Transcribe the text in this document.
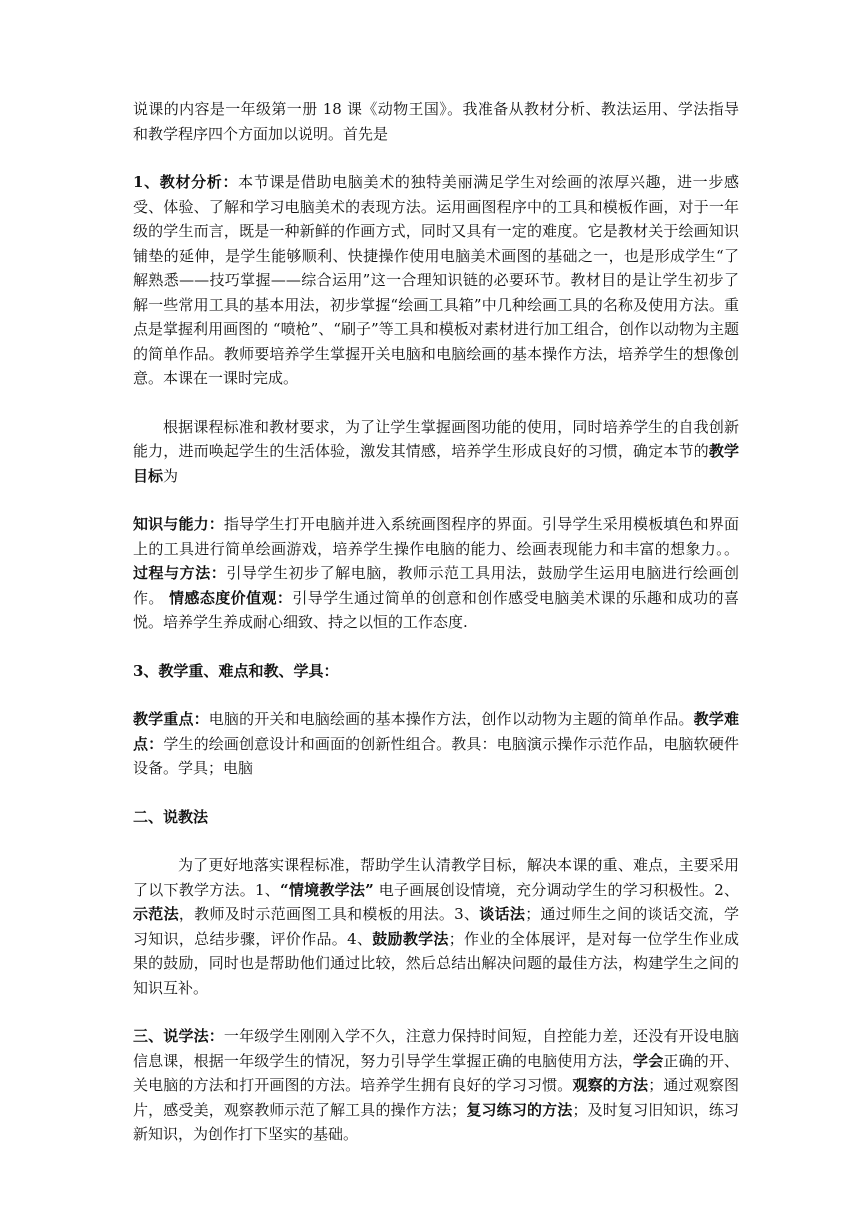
说课的内容是一年级第一册 18 课《动物王国》。我准备从教材分析、教法运用、学法指导和教学程序四个方面加以说明。首先是

1、教材分析：本节课是借助电脑美术的独特美丽满足学生对绘画的浓厚兴趣，进一步感受、体验、了解和学习电脑美术的表现方法。运用画图程序中的工具和模板作画，对于一年级的学生而言，既是一种新鲜的作画方式，同时又具有一定的难度。它是教材关于绘画知识铺垫的延伸，是学生能够顺利、快捷操作使用电脑美术画图的基础之一，也是形成学生“了解熟悉——技巧掌握——综合运用”这一合理知识链的必要环节。教材目的是让学生初步了解一些常用工具的基本用法，初步掌握“绘画工具箱”中几种绘画工具的名称及使用方法。重点是掌握利用画图的 “喷枪”、“刷子”等工具和模板对素材进行加工组合，创作以动物为主题的简单作品。教师要培养学生掌握开关电脑和电脑绘画的基本操作方法，培养学生的想像创意。本课在一课时完成。

根据课程标准和教材要求，为了让学生掌握画图功能的使用，同时培养学生的自我创新能力，进而唤起学生的生活体验，激发其情感，培养学生形成良好的习惯，确定本节的教学目标为

知识与能力：指导学生打开电脑并进入系统画图程序的界面。引导学生采用模板填色和界面上的工具进行简单绘画游戏，培养学生操作电脑的能力、绘画表现能力和丰富的想象力。。过程与方法：引导学生初步了解电脑，教师示范工具用法，鼓励学生运用电脑进行绘画创作。 情感态度价值观：引导学生通过简单的创意和创作感受电脑美术课的乐趣和成功的喜悦。培养学生养成耐心细致、持之以恒的工作态度.

3、教学重、难点和教、学具：

教学重点：电脑的开关和电脑绘画的基本操作方法，创作以动物为主题的简单作品。教学难点：学生的绘画创意设计和画面的创新性组合。教具：电脑演示操作示范作品，电脑软硬件设备。学具；电脑

二、说教法

为了更好地落实课程标准，帮助学生认清教学目标，解决本课的重、难点，主要采用了以下教学方法。1、“情境教学法” 电子画展创设情境，充分调动学生的学习积极性。2、示范法，教师及时示范画图工具和模板的用法。3、谈话法；通过师生之间的谈话交流，学习知识，总结步骤，评价作品。4、鼓励教学法；作业的全体展评，是对每一位学生作业成果的鼓励，同时也是帮助他们通过比较，然后总结出解决问题的最佳方法，构建学生之间的知识互补。

三、说学法：一年级学生刚刚入学不久，注意力保持时间短，自控能力差，还没有开设电脑信息课，根据一年级学生的情况，努力引导学生掌握正确的电脑使用方法，学会正确的开、关电脑的方法和打开画图的方法。培养学生拥有良好的学习习惯。观察的方法；通过观察图片，感受美，观察教师示范了解工具的操作方法；复习练习的方法；及时复习旧知识，练习新知识，为创作打下坚实的基础。
